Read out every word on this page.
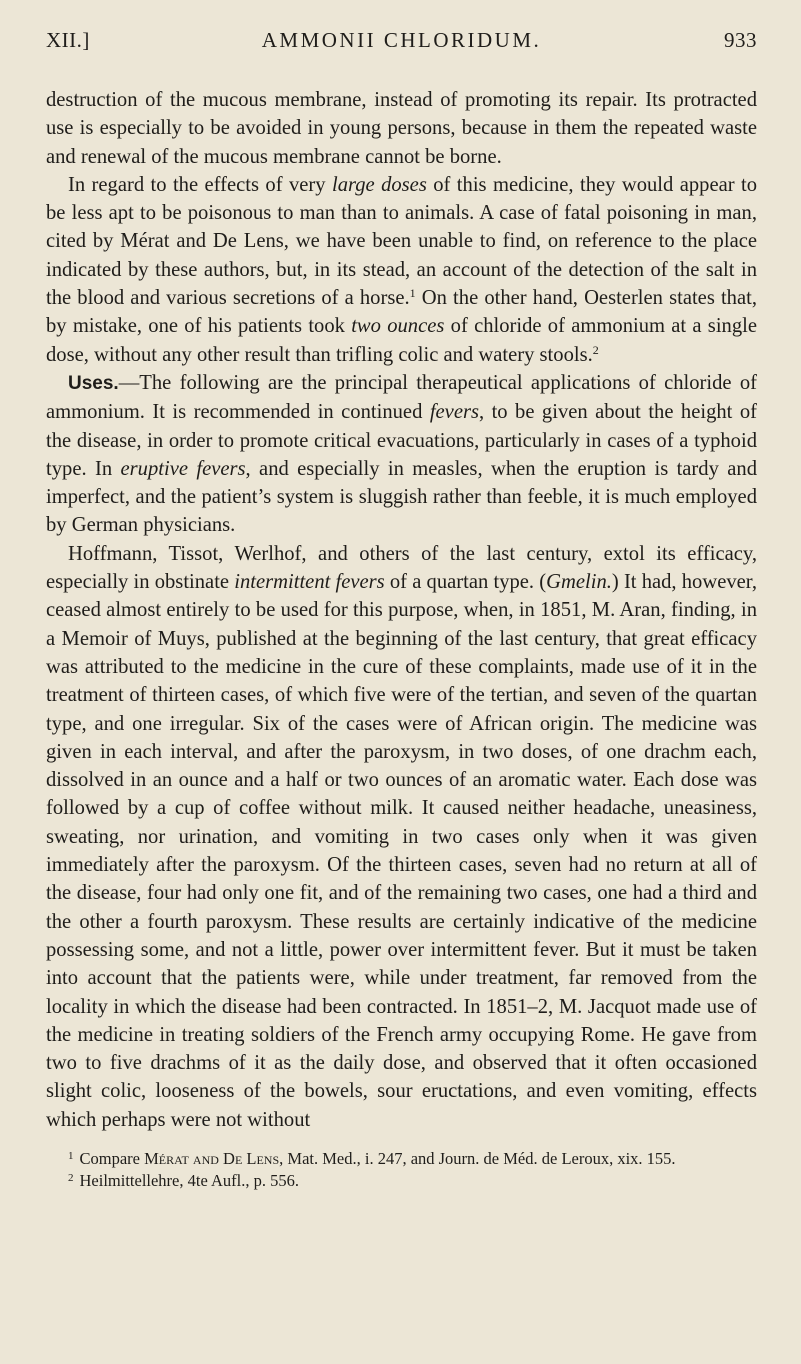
XII.]	AMMONII CHLORIDUM.	933

destruction of the mucous membrane, instead of promoting its repair. Its protracted use is especially to be avoided in young persons, because in them the repeated waste and renewal of the mucous membrane cannot be borne.

In regard to the effects of very large doses of this medicine, they would appear to be less apt to be poisonous to man than to animals. A case of fatal poisoning in man, cited by Mérat and De Lens, we have been unable to find, on reference to the place indicated by these authors, but, in its stead, an account of the detection of the salt in the blood and various secretions of a horse.$^1$ On the other hand, Oesterlen states that, by mistake, one of his patients took two ounces of chloride of ammonium at a single dose, without any other result than trifling colic and watery stools.$^2$

Uses.—The following are the principal therapeutical applications of chloride of ammonium. It is recommended in continued fevers, to be given about the height of the disease, in order to promote critical evacuations, particularly in cases of a typhoid type. In eruptive fevers, and especially in measles, when the eruption is tardy and imperfect, and the patient’s system is sluggish rather than feeble, it is much employed by German physicians.

Hoffmann, Tissot, Werlhof, and others of the last century, extol its efficacy, especially in obstinate intermittent fevers of a quartan type. (Gmelin.) It had, however, ceased almost entirely to be used for this purpose, when, in 1851, M. Aran, finding, in a Memoir of Muys, published at the beginning of the last century, that great efficacy was attributed to the medicine in the cure of these complaints, made use of it in the treatment of thirteen cases, of which five were of the tertian, and seven of the quartan type, and one irregular. Six of the cases were of African origin. The medicine was given in each interval, and after the paroxysm, in two doses, of one drachm each, dissolved in an ounce and a half or two ounces of an aromatic water. Each dose was followed by a cup of coffee without milk. It caused neither headache, uneasiness, sweating, nor urination, and vomiting in two cases only when it was given immediately after the paroxysm. Of the thirteen cases, seven had no return at all of the disease, four had only one fit, and of the remaining two cases, one had a third and the other a fourth paroxysm. These results are certainly indicative of the medicine possessing some, and not a little, power over intermittent fever. But it must be taken into account that the patients were, while under treatment, far removed from the locality in which the disease had been contracted. In 1851–2, M. Jacquot made use of the medicine in treating soldiers of the French army occupying Rome. He gave from two to five drachms of it as the daily dose, and observed that it often occasioned slight colic, looseness of the bowels, sour eructations, and even vomiting, effects which perhaps were not without

$^1$ Compare Mérat and De Lens, Mat. Med., i. 247, and Journ. de Méd. de Leroux, xix. 155.

$^2$ Heilmittellehre, 4te Aufl., p. 556.
